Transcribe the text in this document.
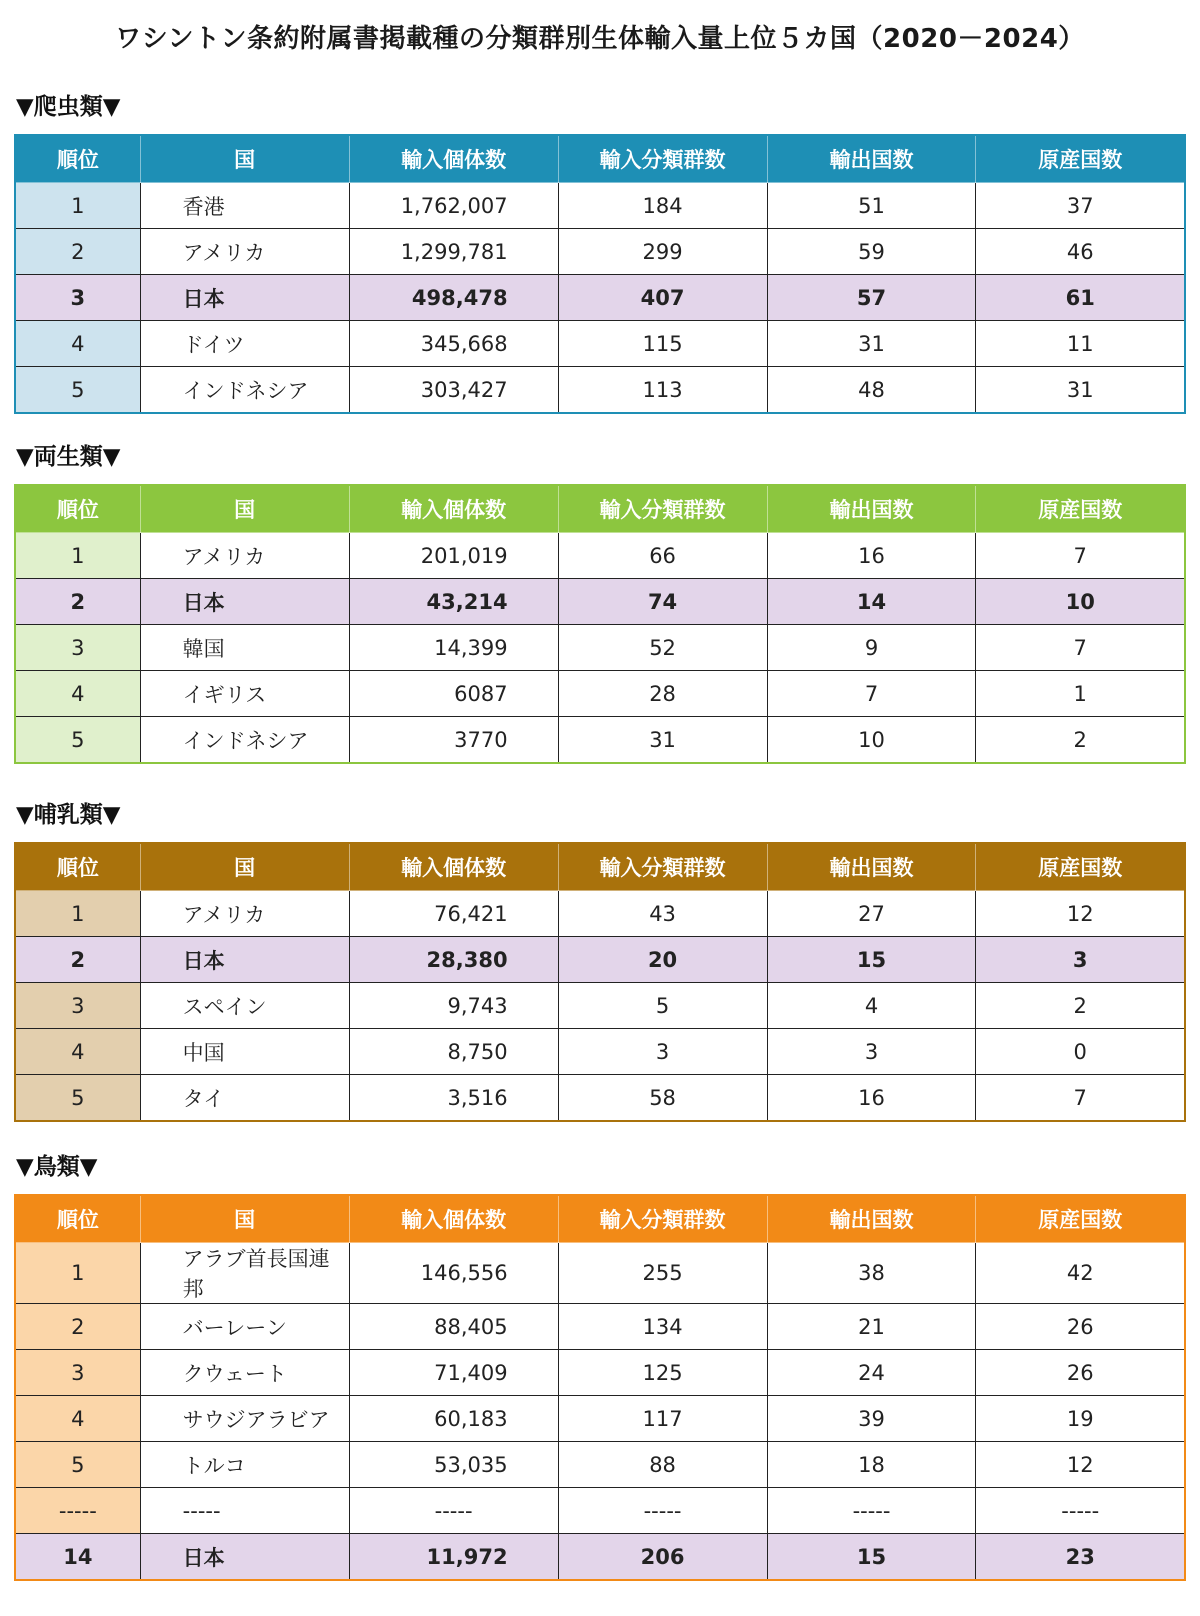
ワシントン条約附属書掲載種の分類群別生体輸入量上位５カ国（2020－2024）
▼爬虫類▼
順位	国	輸入個体数	輸入分類群数	輸出国数	原産国数
1	香港	1,762,007	184	51	37
2	アメリカ	1,299,781	299	59	46
3	日本	498,478	407	57	61
4	ドイツ	345,668	115	31	11
5	インドネシア	303,427	113	48	31
▼両生類▼
順位	国	輸入個体数	輸入分類群数	輸出国数	原産国数
1	アメリカ	201,019	66	16	7
2	日本	43,214	74	14	10
3	韓国	14,399	52	9	7
4	イギリス	6087	28	7	1
5	インドネシア	3770	31	10	2
▼哺乳類▼
順位	国	輸入個体数	輸入分類群数	輸出国数	原産国数
1	アメリカ	76,421	43	27	12
2	日本	28,380	20	15	3
3	スペイン	9,743	5	4	2
4	中国	8,750	3	3	0
5	タイ	3,516	58	16	7
▼鳥類▼
順位	国	輸入個体数	輸入分類群数	輸出国数	原産国数
1	アラブ首長国連邦	146,556	255	38	42
2	バーレーン	88,405	134	21	26
3	クウェート	71,409	125	24	26
4	サウジアラビア	60,183	117	39	19
5	トルコ	53,035	88	18	12
-----	-----	-----	-----	-----	-----
14	日本	11,972	206	15	23
